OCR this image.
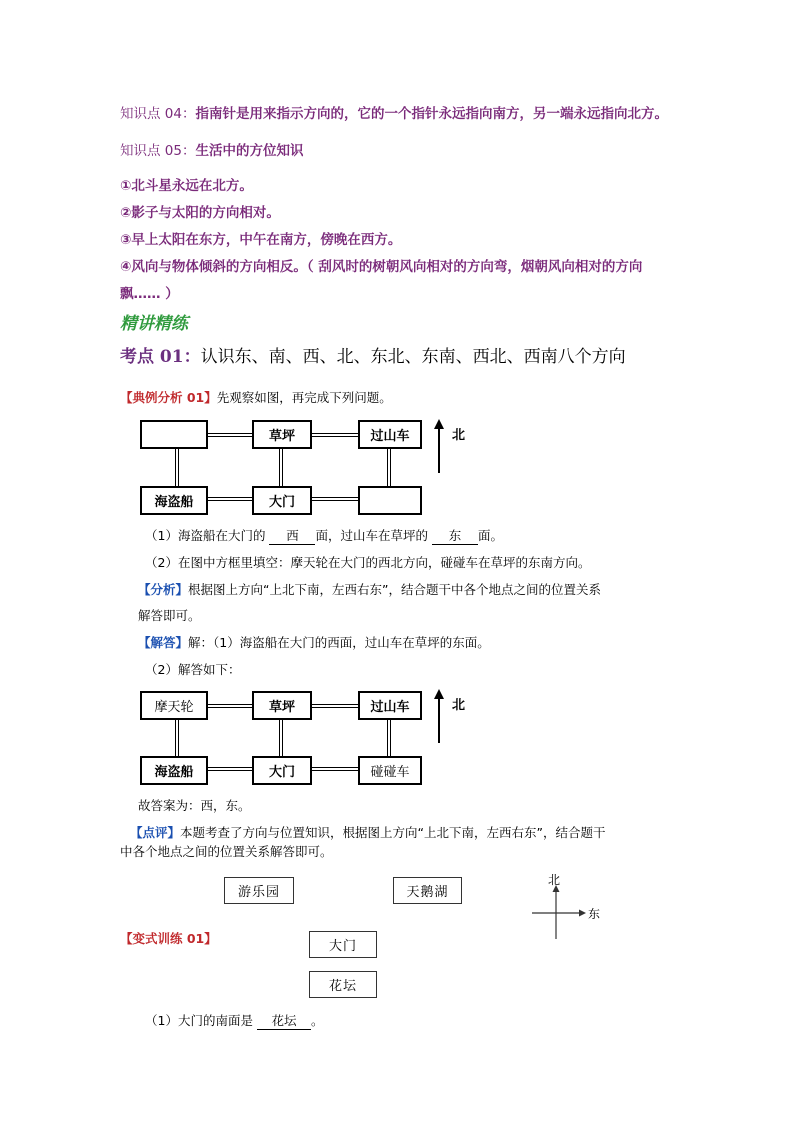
知识点 04：指南针是用来指示方向的，它的一个指针永远指向南方，另一端永远指向北方。
知识点 05：生活中的方位知识
①北斗星永远在北方。
②影子与太阳的方向相对。
③早上太阳在东方，中午在南方，傍晚在西方。
④风向与物体倾斜的方向相反。（ 刮风时的树朝风向相对的方向弯，烟朝风向相对的方向
飘…… ）
精讲精练
考点 01：认识东、南、西、北、东北、东南、西北、西南八个方向
【典例分析 01】先观察如图，再完成下列问题。
草坪	过山车
海盗船	大门
北
（1）海盗船在大门的 西 面，过山车在草坪的 东 面。
（2）在图中方框里填空：摩天轮在大门的西北方向，碰碰车在草坪的东南方向。
【分析】根据图上方向“上北下南，左西右东”，结合题干中各个地点之间的位置关系
解答即可。
【解答】解：（1）海盗船在大门的西面，过山车在草坪的东面。
（2）解答如下：
摩天轮	草坪	过山车
海盗船	大门	碰碰车
北
故答案为：西，东。
【点评】本题考查了方向与位置知识，根据图上方向“上北下南，左西右东”，结合题干
中各个地点之间的位置关系解答即可。
游乐园	天鹅湖
大门
花坛
北
东
【变式训练 01】
（1）大门的南面是 花坛 。
